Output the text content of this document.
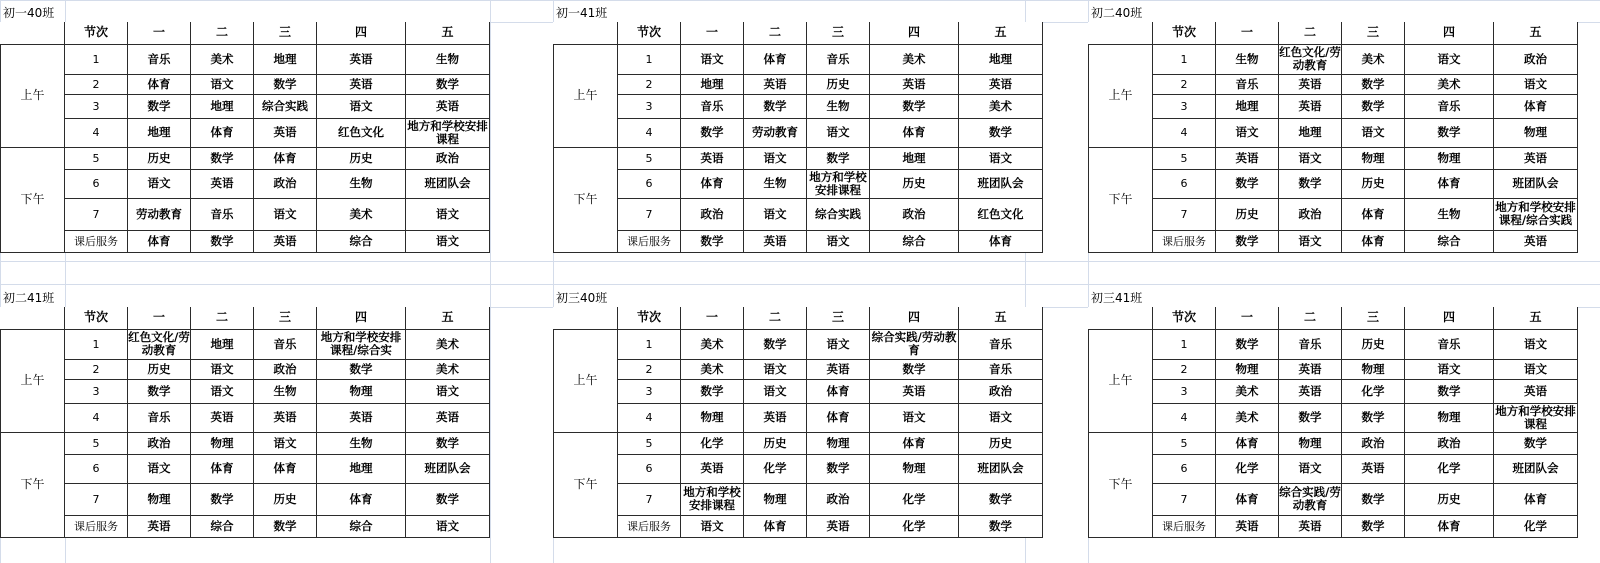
初一40班
	节次	一	二	三	四	五
上午	1	音乐	美术	地理	英语	生物
	2	体育	语文	数学	英语	数学
	3	数学	地理	综合实践	语文	英语
	4	地理	体育	英语	红色文化	地方和学校安排课程
下午	5	历史	数学	体育	历史	政治
	6	语文	英语	政治	生物	班团队会
	7	劳动教育	音乐	语文	美术	语文
	课后服务	体育	数学	英语	综合	语文
初一41班
	节次	一	二	三	四	五
上午	1	语文	体育	音乐	美术	地理
	2	地理	英语	历史	英语	英语
	3	音乐	数学	生物	数学	美术
	4	数学	劳动教育	语文	体育	数学
下午	5	英语	语文	数学	地理	语文
	6	体育	生物	地方和学校安排课程	历史	班团队会
	7	政治	语文	综合实践	政治	红色文化
	课后服务	数学	英语	语文	综合	体育
初二40班
	节次	一	二	三	四	五
上午	1	生物	红色文化/劳动教育	美术	语文	政治
	2	音乐	英语	数学	美术	语文
	3	地理	英语	数学	音乐	体育
	4	语文	地理	语文	数学	物理
下午	5	英语	语文	物理	物理	英语
	6	数学	数学	历史	体育	班团队会
	7	历史	政治	体育	生物	地方和学校安排课程/综合实践
	课后服务	数学	语文	体育	综合	英语
初二41班
	节次	一	二	三	四	五
上午	1	红色文化/劳动教育	地理	音乐	地方和学校安排课程/综合实	美术
	2	历史	语文	政治	数学	美术
	3	数学	语文	生物	物理	语文
	4	音乐	英语	英语	英语	英语
下午	5	政治	物理	语文	生物	数学
	6	语文	体育	体育	地理	班团队会
	7	物理	数学	历史	体育	数学
	课后服务	英语	综合	数学	综合	语文
初三40班
	节次	一	二	三	四	五
上午	1	美术	数学	语文	综合实践/劳动教育	音乐
	2	美术	语文	英语	数学	音乐
	3	数学	语文	体育	英语	政治
	4	物理	英语	体育	语文	语文
下午	5	化学	历史	物理	体育	历史
	6	英语	化学	数学	物理	班团队会
	7	地方和学校安排课程	物理	政治	化学	数学
	课后服务	语文	体育	英语	化学	数学
初三41班
	节次	一	二	三	四	五
上午	1	数学	音乐	历史	音乐	语文
	2	物理	英语	物理	语文	语文
	3	美术	英语	化学	数学	英语
	4	美术	数学	数学	物理	地方和学校安排课程
下午	5	体育	物理	政治	政治	数学
	6	化学	语文	英语	化学	班团队会
	7	体育	综合实践/劳动教育	数学	历史	体育
	课后服务	英语	英语	数学	体育	化学
